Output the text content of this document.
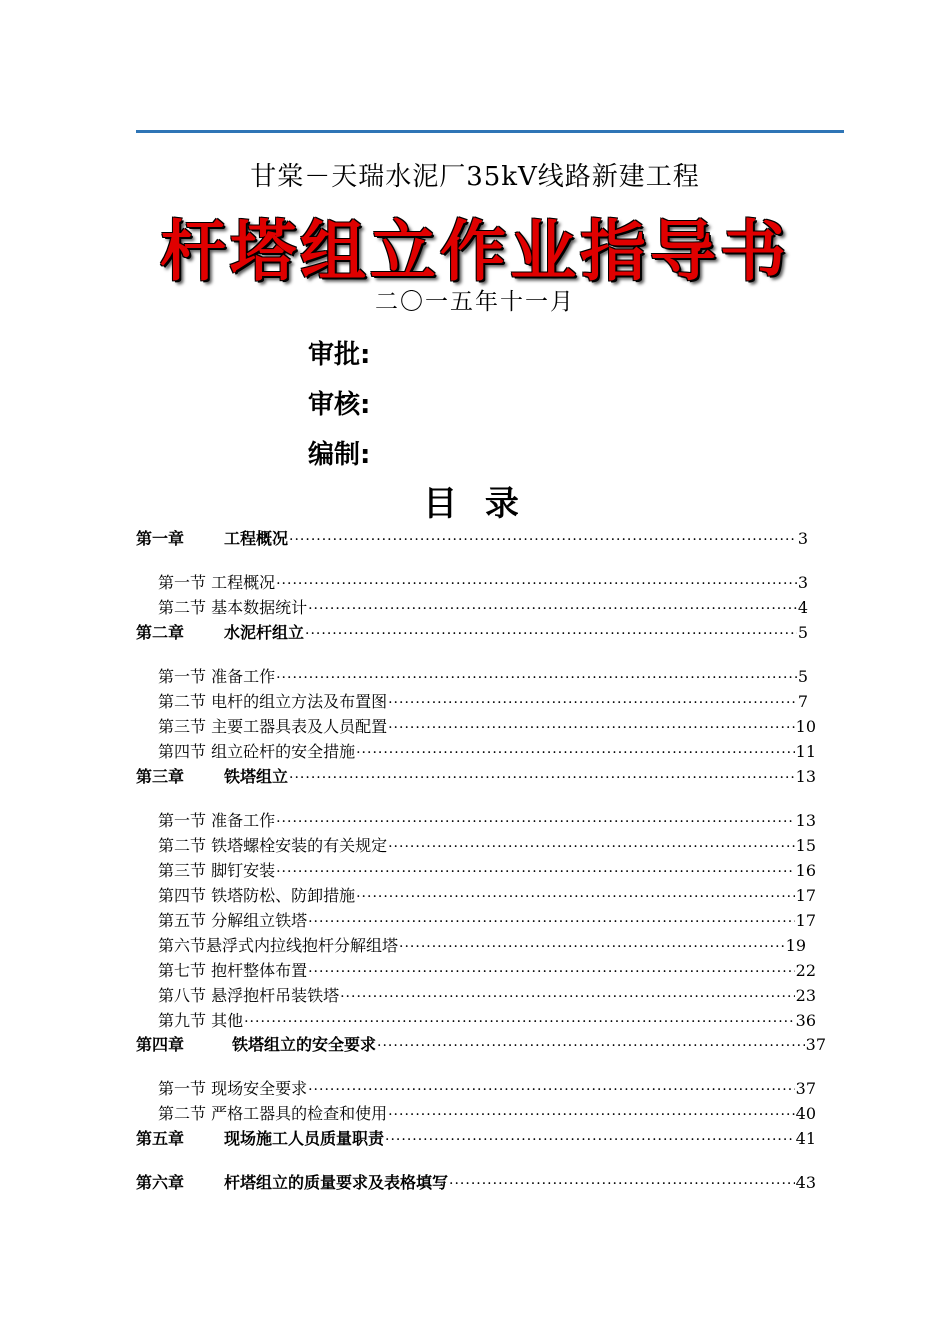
甘棠－天瑞水泥厂35kV线路新建工程
杆塔组立作业指导书
二〇一五年十一月
审批:
审核:
编制:
目 录
第一章 工程概况 ·····	3
第一节 工程概况 ·····	3
第二节 基本数据统计 ·····	4
第二章 水泥杆组立 ·····	5
第一节 准备工作 ·····	5
第二节 电杆的组立方法及布置图 ·····	7
第三节 主要工器具表及人员配置 ·····	10
第四节 组立砼杆的安全措施 ·····	11
第三章 铁塔组立 ·····	13
第一节 准备工作 ·····	13
第二节 铁塔螺栓安装的有关规定 ·····	15
第三节 脚钉安装 ·····	16
第四节 铁塔防松、防卸措施 ·····	17
第五节 分解组立铁塔 ·····	17
第六节悬浮式内拉线抱杆分解组塔 ·····	19
第七节 抱杆整体布置 ·····	22
第八节 悬浮抱杆吊装铁塔 ·····	23
第九节 其他 ·····	36
第四章	铁塔组立的安全要求 ·····	37
第一节 现场安全要求 ·····	37
第二节 严格工器具的检查和使用 ·····	40
第五章 现场施工人员质量职责 ·····	41
第六章 杆塔组立的质量要求及表格填写 ·····	43
